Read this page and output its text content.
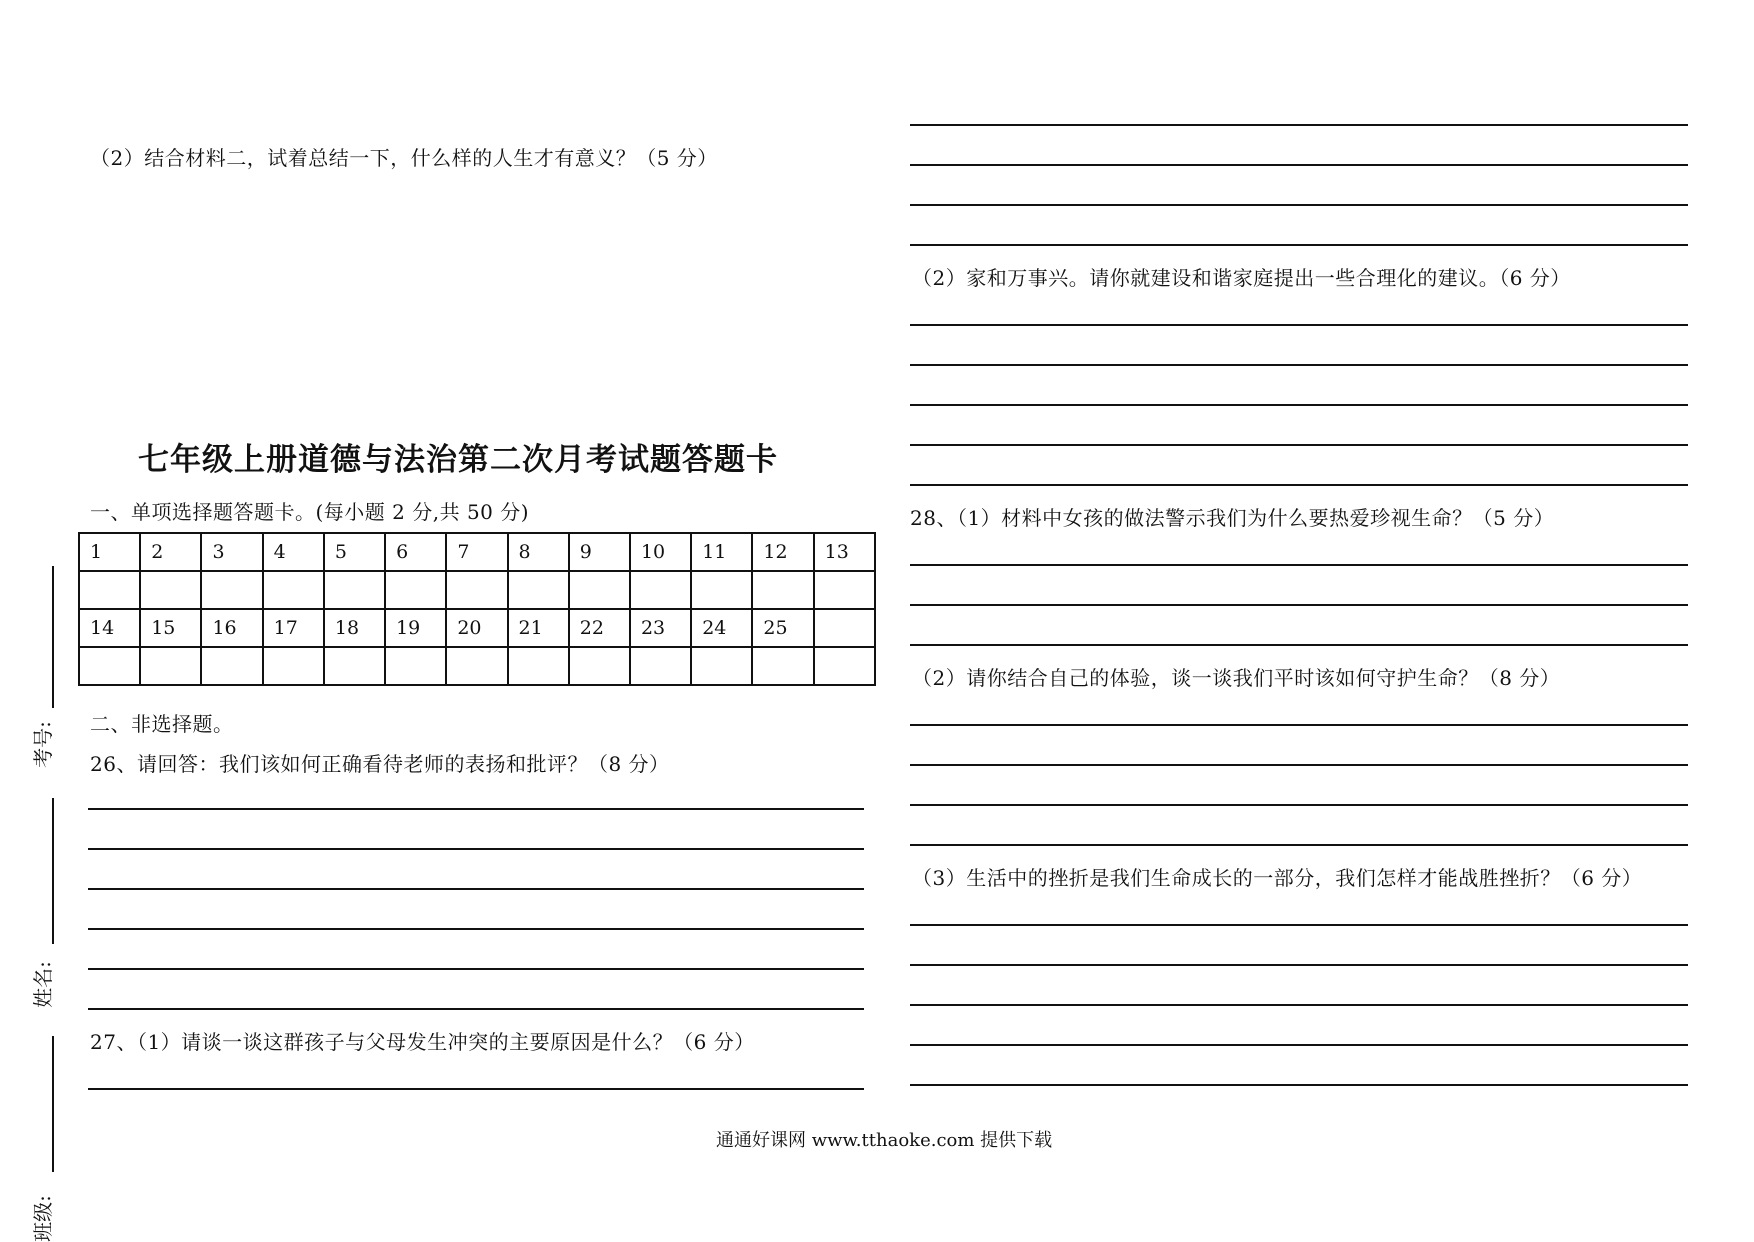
考号:
姓名:
班级:
（2）结合材料二，试着总结一下，什么样的人生才有意义？（5 分）
七年级上册道德与法治第二次月考试题答题卡
一、单项选择题答题卡。(每小题 2 分,共 50 分)
1	2	3	4	5	6	7	8	9	10	11	12	13

14	15	16	17	18	19	20	21	22	23	24	25	

二、非选择题。
26、请回答：我们该如何正确看待老师的表扬和批评？（8 分）
27、（1）请谈一谈这群孩子与父母发生冲突的主要原因是什么？（6 分）
（2）家和万事兴。请你就建设和谐家庭提出一些合理化的建议。（6 分）
28、（1）材料中女孩的做法警示我们为什么要热爱珍视生命？（5 分）
（2）请你结合自己的体验，谈一谈我们平时该如何守护生命？（8 分）
（3）生活中的挫折是我们生命成长的一部分，我们怎样才能战胜挫折？（6 分）
通通好课网 www.tthaoke.com 提供下载
